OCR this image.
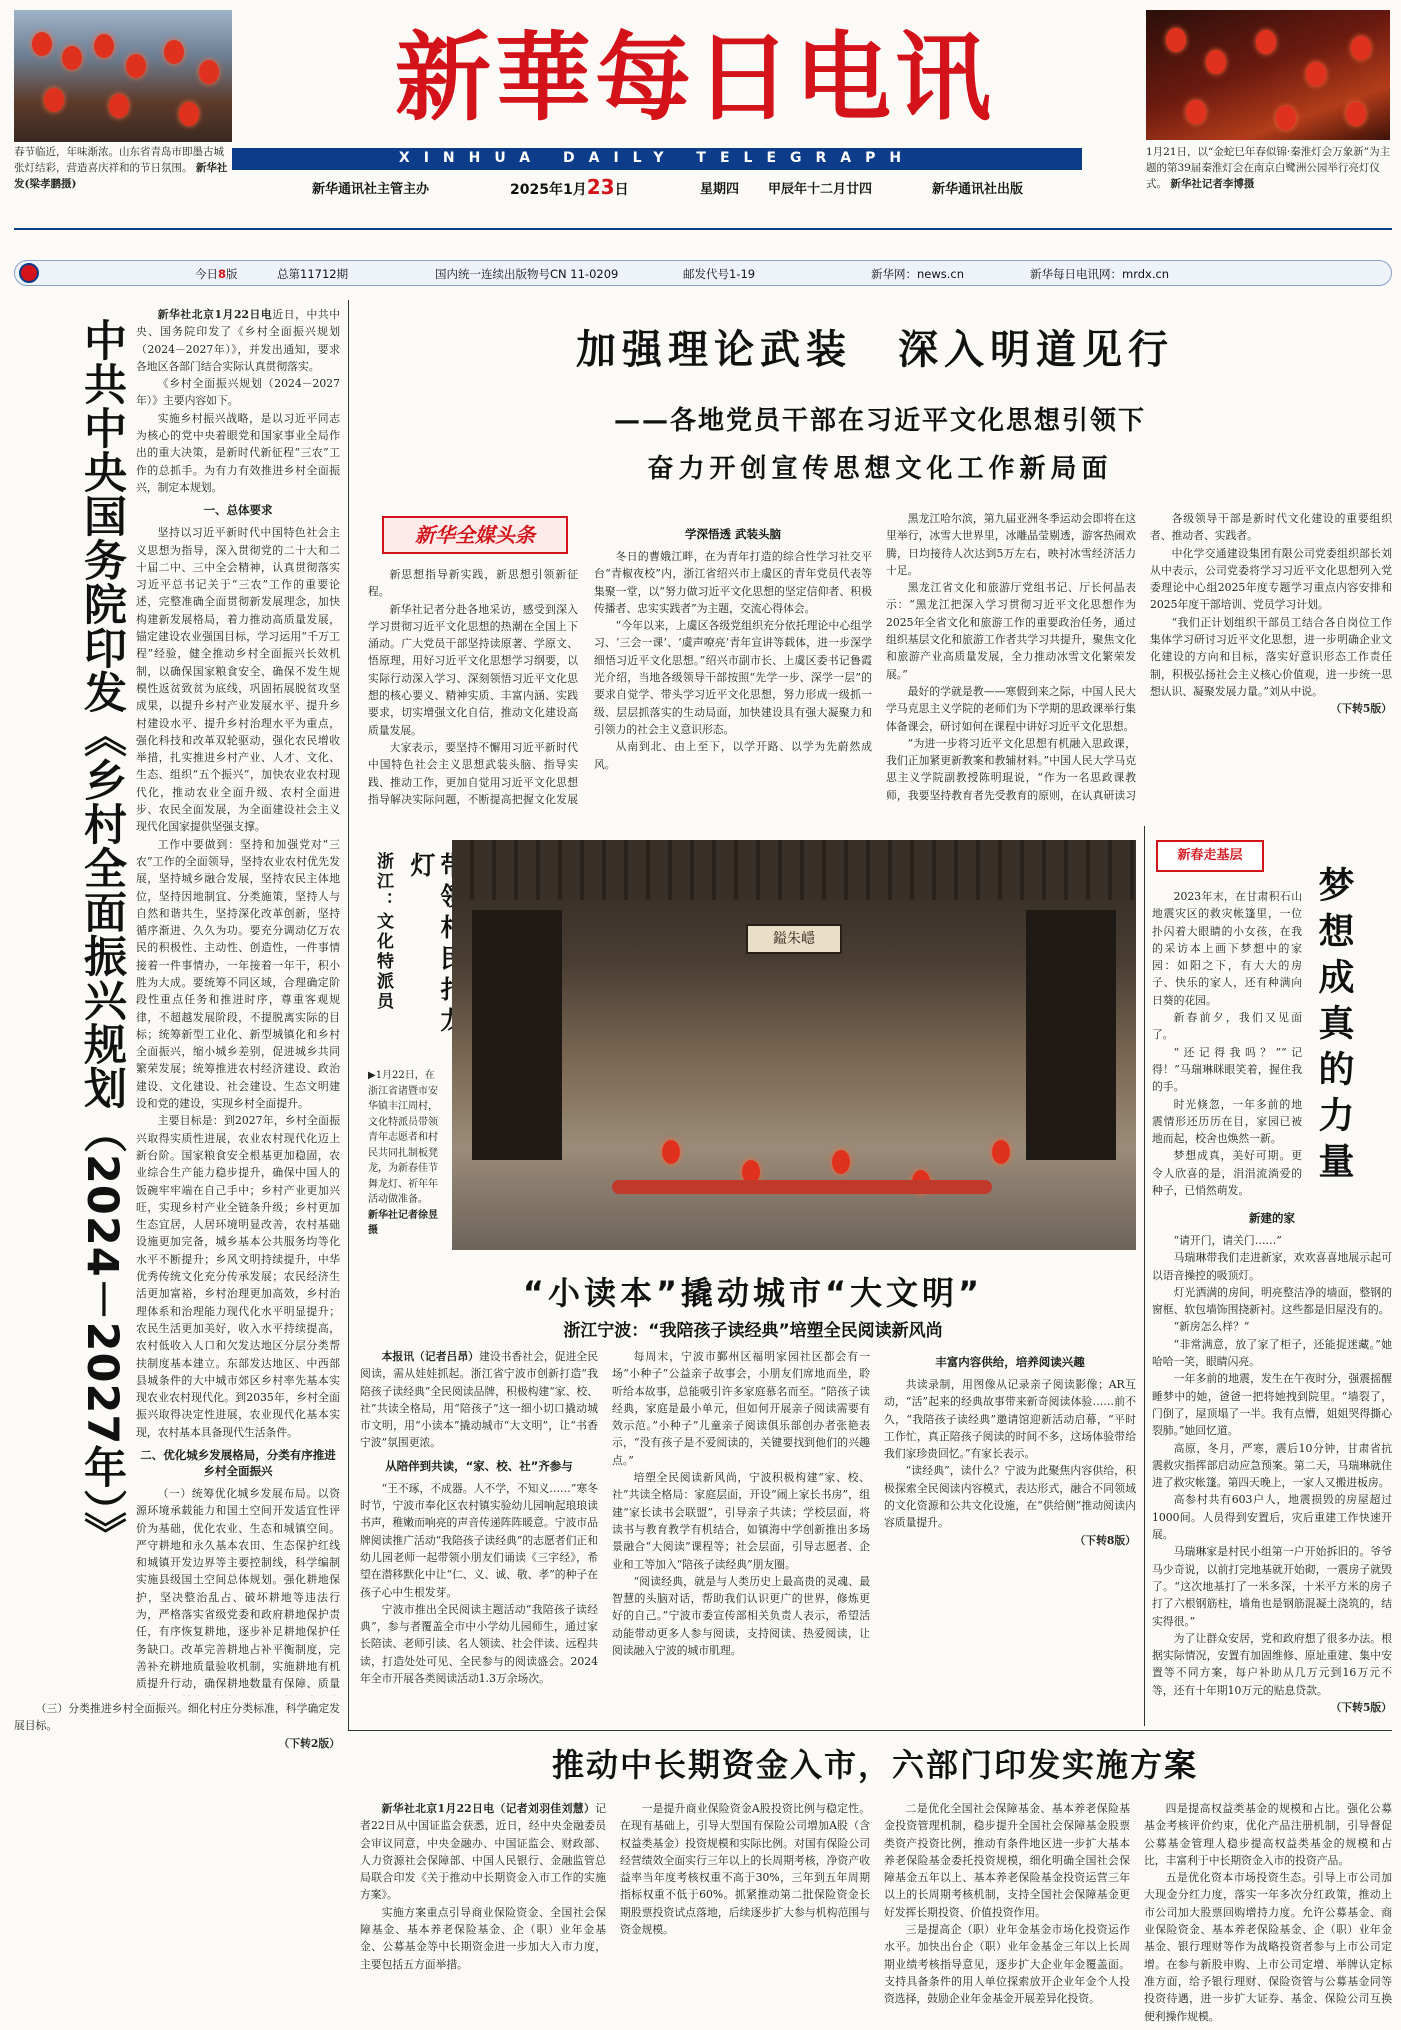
春节临近，年味渐浓。山东省青岛市即墨古城张灯结彩，营造喜庆祥和的节日氛围。 新华社发(梁孝鹏摄)
新華每日电讯
XINHUA DAILY TELEGRAPH	1月21日，以“金蛇巳年春似锦·秦淮灯会万象新”为主题的第39届秦淮灯会在南京白鹭洲公园举行亮灯仪式。 新华社记者李博摄
新华通讯社主管主办	2025年1月23日	星期四 甲辰年十二月廿四	新华通讯社出版
今日8版	总第11712期	国内统一连续出版物号CN 11-0209	邮发代号1-19	新华网：news.cn	新华每日电讯网：mrdx.cn
中共中央国务院印发《乡村全面振兴规划（2024－2027年）》

新华社北京1月22日电近日，中共中央、国务院印发了《乡村全面振兴规划（2024－2027年）》，并发出通知，要求各地区各部门结合实际认真贯彻落实。

《乡村全面振兴规划（2024－2027年）》主要内容如下。

实施乡村振兴战略，是以习近平同志为核心的党中央着眼党和国家事业全局作出的重大决策，是新时代新征程“三农”工作的总抓手。为有力有效推进乡村全面振兴，制定本规划。

一、总体要求

坚持以习近平新时代中国特色社会主义思想为指导，深入贯彻党的二十大和二十届二中、三中全会精神，认真贯彻落实习近平总书记关于“三农”工作的重要论述，完整准确全面贯彻新发展理念，加快构建新发展格局，着力推动高质量发展，锚定建设农业强国目标，学习运用“千万工程”经验，健全推动乡村全面振兴长效机制，以确保国家粮食安全、确保不发生规模性返贫致贫为底线，巩固拓展脱贫攻坚成果，以提升乡村产业发展水平、提升乡村建设水平、提升乡村治理水平为重点，强化科技和改革双轮驱动，强化农民增收举措，扎实推进乡村产业、人才、文化、生态、组织“五个振兴”，加快农业农村现代化，推动农业全面升级、农村全面进步、农民全面发展，为全面建设社会主义现代化国家提供坚强支撑。

工作中要做到：坚持和加强党对“三农”工作的全面领导，坚持农业农村优先发展，坚持城乡融合发展，坚持农民主体地位，坚持因地制宜、分类施策，坚持人与自然和谐共生，坚持深化改革创新，坚持循序渐进、久久为功。要充分调动亿万农民的积极性、主动性、创造性，一件事情接着一件事情办，一年接着一年干，积小胜为大成。要统筹不同区域，合理确定阶段性重点任务和推进时序，尊重客观规律，不超越发展阶段，不提脱离实际的目标；统筹新型工业化、新型城镇化和乡村全面振兴，缩小城乡差别，促进城乡共同繁荣发展；统筹推进农村经济建设、政治建设、文化建设、社会建设、生态文明建设和党的建设，实现乡村全面提升。

主要目标是：到2027年，乡村全面振兴取得实质性进展，农业农村现代化迈上新台阶。国家粮食安全根基更加稳固，农业综合生产能力稳步提升，确保中国人的饭碗牢牢端在自己手中；乡村产业更加兴旺，实现乡村产业全链条升级；乡村更加生态宜居，人居环境明显改善，农村基础设施更加完备，城乡基本公共服务均等化水平不断提升；乡风文明持续提升，中华优秀传统文化充分传承发展；农民经济生活更加富裕，乡村治理更加高效，乡村治理体系和治理能力现代化水平明显提升；农民生活更加美好，收入水平持续提高，农村低收入人口和欠发达地区分层分类帮扶制度基本建立。东部发达地区、中西部县城条件的大中城市郊区乡村率先基本实现农业农村现代化。到2035年，乡村全面振兴取得决定性进展，农业现代化基本实现，农村基本具备现代生活条件。

二、优化城乡发展格局，分类有序推进乡村全面振兴

（一）统筹优化城乡发展布局。以资源环境承载能力和国土空间开发适宜性评价为基础，优化农业、生态和城镇空间。严守耕地和永久基本农田、生态保护红线和城镇开发边界等主要控制线，科学编制实施县级国土空间总体规划。强化耕地保护，坚决整治乱占、破坏耕地等违法行为，严格落实省级党委和政府耕地保护责任，有序恢复耕地，逐步补足耕地保护任务缺口。改革完善耕地占补平衡制度，完善补充耕地质量验收机制，实施耕地有机质提升行动，确保耕地数量有保障、质量

（三）分类推进乡村全面振兴。细化村庄分类标准，科学确定发展目标。

（下转2版）

加强理论武装  深入明道见行
——各地党员干部在习近平文化思想引领下
奋力开创宣传思想文化工作新局面
新华全媒头条

新思想指导新实践，新思想引领新征程。

新华社记者分赴各地采访，感受到深入学习贯彻习近平文化思想的热潮在全国上下涌动。广大党员干部坚持读原著、学原文、悟原理，用好习近平文化思想学习纲要，以实际行动深入学习、深刻领悟习近平文化思想的核心要义、精神实质、丰富内涵、实践要求，切实增强文化自信，推动文化建设高质量发展。

大家表示，要坚持不懈用习近平新时代中国特色社会主义思想武装头脑、指导实践、推动工作，更加自觉用习近平文化思想指导解决实际问题，不断提高把握文化发展

学深悟透 武装头脑

冬日的曹娥江畔，在为青年打造的综合性学习社交平台“青椒夜校”内，浙江省绍兴市上虞区的青年党员代表等集聚一堂，以“努力做习近平文化思想的坚定信仰者、积极传播者、忠实实践者”为主题，交流心得体会。

“今年以来，上虞区各级党组织充分依托理论中心组学习、‘三会一课’、‘虞声嘹亮’青年宣讲等载体，进一步深学细悟习近平文化思想。”绍兴市副市长、上虞区委书记鲁霞光介绍，当地各级领导干部按照“先学一步、深学一层”的要求自觉学、带头学习近平文化思想，努力形成一级抓一级、层层抓落实的生动局面，加快建设具有强大凝聚力和引领力的社会主义意识形态。

从南到北、由上至下，以学开路、以学为先蔚然成风。

黑龙江哈尔滨，第九届亚洲冬季运动会即将在这里举行，冰雪大世界里，冰雕晶莹剔透，游客热闹欢腾，日均接待人次达到5万左右，映衬冰雪经济活力十足。

黑龙江省文化和旅游厅党组书记、厅长何晶表示：“黑龙江把深入学习贯彻习近平文化思想作为2025年全省文化和旅游工作的重要政治任务，通过组织基层文化和旅游工作者共学习共提升，聚焦文化和旅游产业高质量发展，全力推动冰雪文化繁荣发展。”

最好的学就是教——寒假到来之际，中国人民大学马克思主义学院的老师们为下学期的思政课举行集体备课会，研讨如何在课程中讲好习近平文化思想。

“为进一步将习近平文化思想有机融入思政课，我们正加紧更新教案和教辅材料。”中国人民大学马克思主义学院副教授陈明琨说，“作为一名思政课教师，我要坚持教育者先受教育的原则，在认真研读习

各级领导干部是新时代文化建设的重要组织者、推动者、实践者。

中化学交通建设集团有限公司党委组织部长刘从中表示，公司党委将学习习近平文化思想列入党委理论中心组2025年度专题学习重点内容安排和2025年度干部培训、党员学习计划。

“我们正计划组织干部员工结合各自岗位工作集体学习研讨习近平文化思想，进一步明确企业文化建设的方向和目标，落实好意识形态工作责任制，积极弘扬社会主义核心价值观，进一步统一思想认识、凝聚发展力量。”刘从中说。

（下转5版）

灯
浙江：文化特派员
▶1月22日，在浙江省诸暨市安华镇丰江周村，文化特派员带领青年志愿者和村民共同扎制板凳龙，为新春佳节舞龙灯、祈年年活动做准备。
新华社记者徐昱摄
鎰朱嶾
“小读本”撬动城市“大文明”
浙江宁波：“我陪孩子读经典”培塑全民阅读新风尚

本报讯（记者吕昂）建设书香社会，促进全民阅读，需从娃娃抓起。浙江省宁波市创新打造“我陪孩子读经典”全民阅读品牌，积极构建“家、校、社”共读全格局，用“陪孩子”这一细小切口撬动城市文明，用“小读本”撬动城市“大文明”，让“书香宁波”氛围更浓。

从陪伴到共读，“家、校、社”齐参与

“王不琢，不成器。人不学，不知义……”寒冬时节，宁波市奉化区农村镇实验幼儿园响起琅琅读书声，稚嫩而响亮的声音传递阵阵暖意。宁波市品牌阅读推广活动“我陪孩子读经典”的志愿者们正和幼儿园老师一起带领小朋友们诵读《三字经》，希望在潜移默化中让“仁、义、诚、敬、孝”的种子在孩子心中生根发芽。

宁波市推出全民阅读主题活动“我陪孩子读经典”，参与者覆盖全市中小学幼儿园师生，通过家长陪读、老师引读、名人领读、社会伴读、远程共读，打造处处可见、全民参与的阅读盛会。2024年全市开展各类阅读活动1.3万余场次。

每周末，宁波市鄞州区福明家园社区都会有一场“小种子”公益亲子故事会，小朋友们席地而坐，聆听给本故事，总能吸引许多家庭慕名而至。“陪孩子读经典，家庭是最小单元，但如何开展亲子阅读需要有效示范。”小种子”儿童亲子阅读俱乐部创办者张艳表示，“没有孩子是不爱阅读的，关键要找到他们的兴趣点。”

培塑全民阅读新风尚，宁波积极构建“家、校、社”共读全格局：家庭层面，开设“闹上家长书房”，组建“家长读书会联盟”，引导亲子共读；学校层面，将读书与教育教学有机结合，如镇海中学创新推出多场景融合“大阅读”课程等；社会层面，引导志愿者、企业和工等加入“陪孩子读经典”朋友圈。

“阅读经典，就是与人类历史上最高贵的灵魂、最智慧的头脑对话，帮助我们认识更广的世界，修炼更好的自己。”宁波市委宣传部相关负责人表示，希望活动能带动更多人参与阅读，支持阅读、热爱阅读，让阅读融入宁波的城市肌理。

丰富内容供给，培养阅读兴趣

共读录制，用图像从记录亲子阅读影像；AR互动，“活”起来的经典故事带来新奇阅读体验……前不久，“我陪孩子读经典”邀请馆迎新活动启幕，“平时工作忙，真正陪孩子阅读的时间不多，这场体验带给我们家珍贵回忆。”有家长表示。

“读经典”，读什么？宁波为此聚焦内容供给，积极探索全民阅读内容模式，表达形式，融合不同领域的文化资源和公共文化设施，在“供给侧”推动阅读内容质量提升。

（下转8版）

新春走基层
梦想成真的力量

2023年末，在甘肃积石山地震灾区的救灾帐篷里，一位扑闪着大眼睛的小女孩，在我的采访本上画下梦想中的家园：如阳之下，有大大的房子、快乐的家人，还有种满向日葵的花园。

新春前夕，我们又见面了。

“还记得我吗？”“记得！”马瑞琳眯眼笑着，握住我的手。

时光倏忽，一年多前的地震情形还历历在目，家园已被地而起，校舍也焕然一新。

梦想成真，美好可期。更令人欣喜的是，涓涓流淌爱的种子，已悄然萌发。

新建的家

“请开门，请关门……”

马瑞琳带我们走进新家，欢欢喜喜地展示起可以语音操控的吸顶灯。

灯光洒满的房间，明亮整洁净的墙面，整钢的窗框、软包墙饰围挠新衬。这些都是旧屋没有的。

“新房怎么样？”

“非常满意，放了家了柜子，还能捉迷藏。”她哈哈一笑，眼睛闪亮。

一年多前的地震，发生在午夜时分，强震摇醒睡梦中的她，爸爸一把将她拽到院里。“墙裂了，门倒了，屋顶塌了一半。我有点懵，姐姐哭得撕心裂肺。”她回忆道。

高原，冬月，严寒，震后10分钟，甘肃省抗震救灾指挥部启动应急预案。第二天，马瑞琳就住进了救灾帐篷。第四天晚上，一家人又搬进板房。

高参村共有603户人，地震损毁的房屋超过1000间。人员得到安置后，灾后重建工作快速开展。

马瑞琳家是村民小组第一户开始拆旧的。爷爷马少奇说，以前打完地基就开始砌，一震房子就毁了。“这次地基打了一米多深，十米平方米的房子打了六根钢筋柱，墙角也是钢筋混凝土浇筑的，结实得很。”

为了让群众安居，党和政府想了很多办法。根据实际情况，安置有加固维修、原址重建、集中安置等不同方案，每户补助从几万元到16万元不等，还有十年期10万元的贴息贷款。

（下转5版）

推动中长期资金入市，六部门印发实施方案

新华社北京1月22日电（记者刘羽佳刘慧）记者22日从中国证监会获悉，近日，经中央金融委员会审议同意，中央金融办、中国证监会、财政部、人力资源社会保障部、中国人民银行、金融监管总局联合印发《关于推动中长期资金入市工作的实施方案》。

实施方案重点引导商业保险资金、全国社会保障基金、基本养老保险基金、企（职）业年金基金、公募基金等中长期资金进一步加大入市力度，主要包括五方面举措。

一是提升商业保险资金A股投资比例与稳定性。在现有基础上，引导大型国有保险公司增加A股（含权益类基金）投资规模和实际比例。对国有保险公司经营绩效全面实行三年以上的长周期考核，净资产收益率当年度考核权重不高于30%，三年到五年周期指标权重不低于60%。抓紧推动第二批保险资金长期股票投资试点落地，后续逐步扩大参与机构范围与资金规模。

二是优化全国社会保障基金、基本养老保险基金投资管理机制，稳步提升全国社会保障基金股票类资产投资比例，推动有条件地区进一步扩大基本养老保险基金委托投资规模，细化明确全国社会保障基金五年以上、基本养老保险基金投资运营三年以上的长周期考核机制，支持全国社会保障基金更好发挥长期投资、价值投资作用。

三是提高企（职）业年金基金市场化投资运作水平。加快出台企（职）业年金基金三年以上长周期业绩考核指导意见，逐步扩大企业年金覆盖面。支持具备条件的用人单位探索放开企业年金个人投资选择，鼓励企业年金基金开展差异化投资。

四是提高权益类基金的规模和占比。强化公募基金考核评价约束，优化产品注册机制，引导督促公募基金管理人稳步提高权益类基金的规模和占比，丰富利于中长期资金入市的投资产品。

五是优化资本市场投资生态。引导上市公司加大现金分红力度，落实一年多次分红政策，推动上市公司加大股票回购增持力度。允许公募基金、商业保险资金、基本养老保险基金、企（职）业年金基金、银行理财等作为战略投资者参与上市公司定增。在参与新股申购、上市公司定增、举牌认定标准方面，给予银行理财、保险资管与公募基金同等投资待遇，进一步扩大证券、基金、保险公司互换便利操作规模。
